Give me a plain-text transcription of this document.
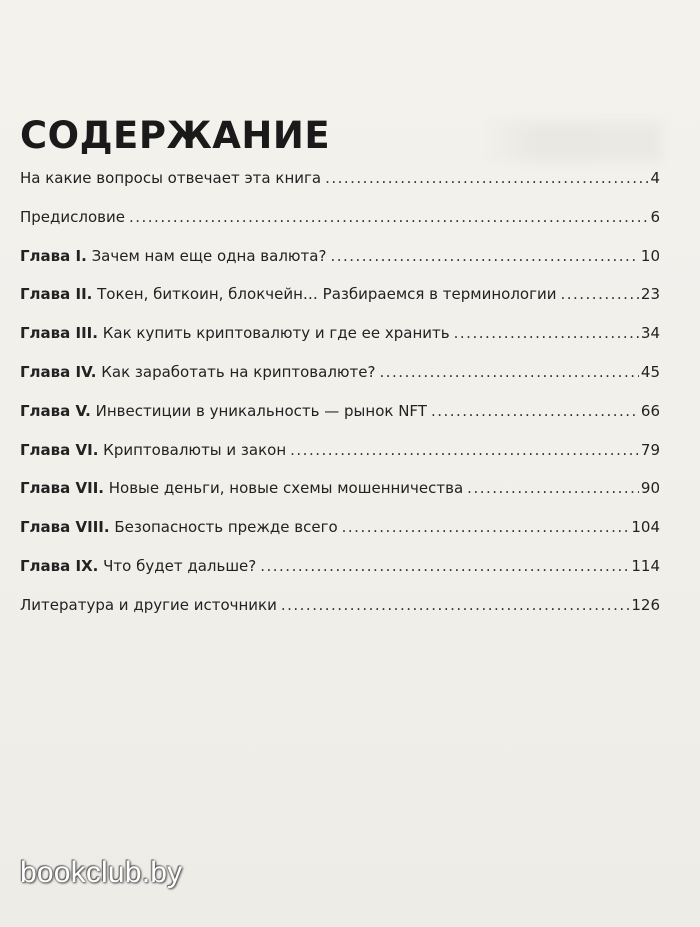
СОДЕРЖАНИЕ
На какие вопросы отвечает эта книга .....	4
Предисловие .....	6
Глава I. Зачем нам еще одна валюта? .....	10
Глава II. Токен, биткоин, блокчейн… Разбираемся в терминологии .....	23
Глава III. Как купить криптовалюту и где ее хранить .....	34
Глава IV. Как заработать на криптовалюте? .....	45
Глава V. Инвестиции в уникальность — рынок NFT .....	66
Глава VI. Криптовалюты и закон .....	79
Глава VII. Новые деньги, новые схемы мошенничества .....	90
Глава VIII. Безопасность прежде всего .....	104
Глава IX. Что будет дальше? .....	114
Литература и другие источники .....	126
bookclub.by
